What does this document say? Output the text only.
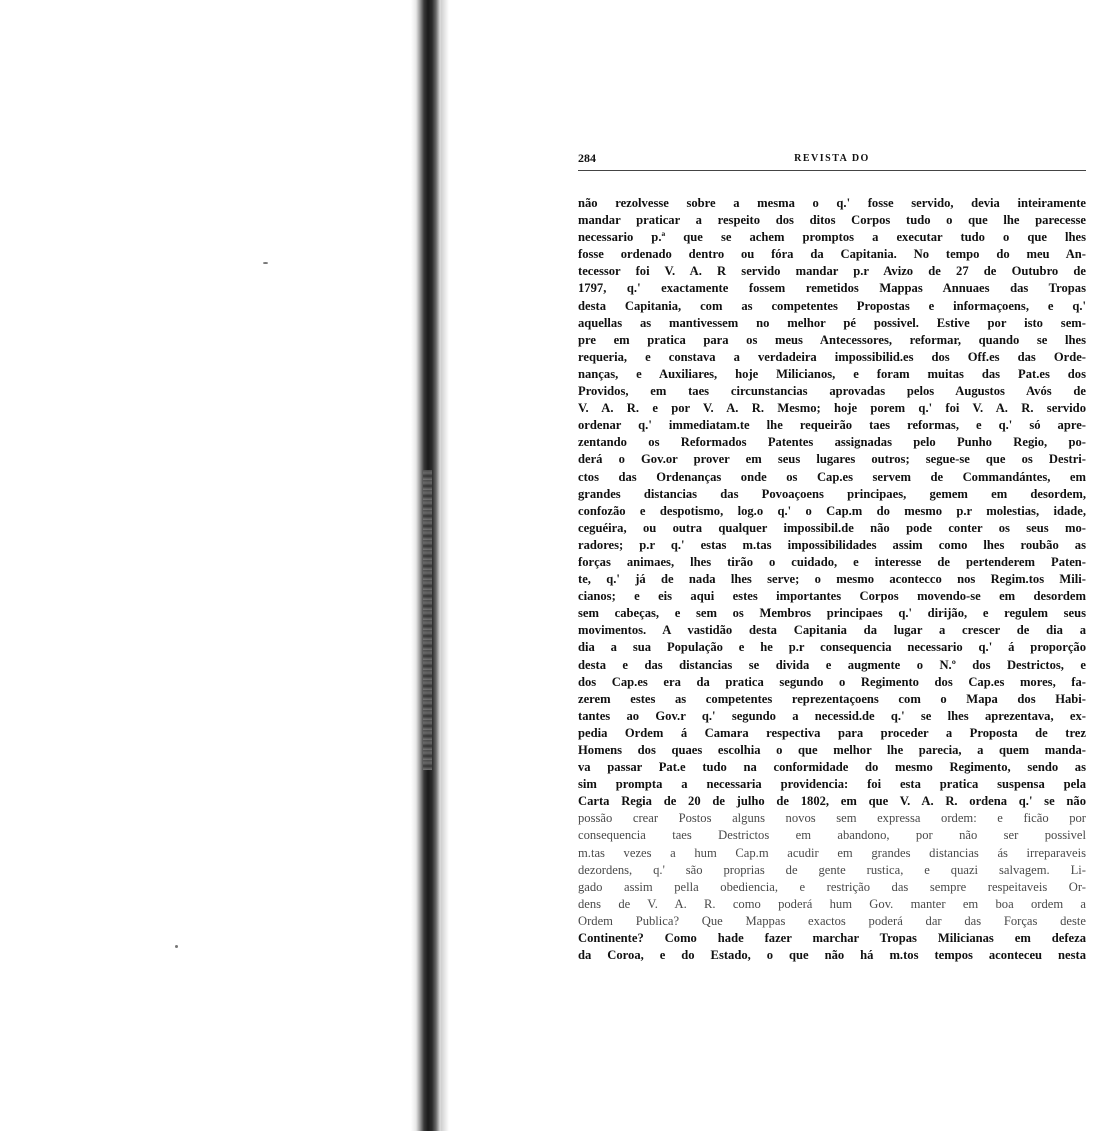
284	REVISTA DO
não rezolvesse sobre a mesma o q.' fosse servido, devia inteiramente
mandar praticar a respeito dos ditos Corpos tudo o que lhe parecesse
necessario p.ª que se achem promptos a executar tudo o que lhes
fosse ordenado dentro ou fóra da Capitania. No tempo do meu An-
tecessor foi V. A. R servido mandar p.r Avizo de 27 de Outubro de
1797, q.' exactamente fossem remetidos Mappas Annuaes das Tropas
desta Capitania, com as competentes Propostas e informaçoens, e q.'
aquellas as mantivessem no melhor pé possivel. Estive por isto sem-
pre em pratica para os meus Antecessores, reformar, quando se lhes
requeria, e constava a verdadeira impossibilid.es dos Off.es das Orde-
nanças, e Auxiliares, hoje Milicianos, e foram muitas das Pat.es dos
Providos, em taes circunstancias aprovadas pelos Augustos Avós de
V. A. R. e por V. A. R. Mesmo; hoje porem q.' foi V. A. R. servido
ordenar q.' immediatam.te lhe requeirão taes reformas, e q.' só apre-
zentando os Reformados Patentes assignadas pelo Punho Regio, po-
derá o Gov.or prover em seus lugares outros; segue-se que os Destri-
ctos das Ordenanças onde os Cap.es servem de Commandántes, em
grandes distancias das Povoaçoens principaes, gemem em desordem,
confozão e despotismo, log.o q.' o Cap.m do mesmo p.r molestias, idade,
ceguéira, ou outra qualquer impossibil.de não pode conter os seus mo-
radores; p.r q.' estas m.tas impossibilidades assim como lhes roubão as
forças animaes, lhes tirão o cuidado, e interesse de pertenderem Paten-
te, q.' já de nada lhes serve; o mesmo acontecco nos Regim.tos Mili-
cianos; e eis aqui estes importantes Corpos movendo-se em desordem
sem cabeças, e sem os Membros principaes q.' dirijão, e regulem seus
movimentos. A vastidão desta Capitania da lugar a crescer de dia a
dia a sua População e he p.r consequencia necessario q.' á proporção
desta e das distancias se divida e augmente o N.º dos Destrictos, e
dos Cap.es era da pratica segundo o Regimento dos Cap.es mores, fa-
zerem estes as competentes reprezentaçoens com o Mapa dos Habi-
tantes ao Gov.r q.' segundo a necessid.de q.' se lhes aprezentava, ex-
pedia Ordem á Camara respectiva para proceder a Proposta de trez
Homens dos quaes escolhia o que melhor lhe parecia, a quem manda-
va passar Pat.e tudo na conformidade do mesmo Regimento, sendo as
sim prompta a necessaria providencia: foi esta pratica suspensa pela
Carta Regia de 20 de julho de 1802, em que V. A. R. ordena q.' se não
possão crear Postos alguns novos sem expressa ordem: e ficão por
consequencia taes Destrictos em abandono, por não ser possivel
m.tas vezes a hum Cap.m acudir em grandes distancias ás irreparaveis
dezordens, q.' são proprias de gente rustica, e quazi salvagem. Li-
gado assim pella obediencia, e restrição das sempre respeitaveis Or-
dens de V. A. R. como poderá hum Gov. manter em boa ordem a
Ordem Publica? Que Mappas exactos poderá dar das Forças deste
Continente? Como hade fazer marchar Tropas Milicianas em defeza
da Coroa, e do Estado, o que não há m.tos tempos aconteceu nesta
